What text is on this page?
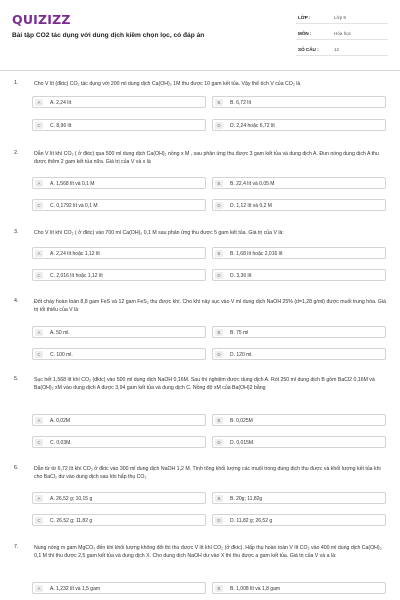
QUIZIZZ
Bài tập CO2 tác dụng với dung dịch kiềm chọn lọc, có đáp án
LỚP :	Lớp 9
MÔN :	Hóa học
SỐ CÂU :	12
1.	Cho V lít (đktc) CO₂ tác dụng với 200 ml dung dịch Ca(OH)₂ 1M thu được 10 gam kết tủa. Vậy thể tích V của CO₂ là
A	A. 2,24 lít	B	B. 6,72 lít
C	C. 8,96 lít	D	D. 2,24 hoặc 6,72 lít
2.	Dẫn V lít khí CO₂ ( ở đktc) qua 500 ml dung dịch Ca(OH)₂ nồng x M , sau phản ứng thu được 3 gam kết tủa và dung dịch A. Đun nóng dung dịch A thu được thêm 2 gam kết tủa nữa. Giá trị của V và x là
A	A. 1,568 lít và 0,1 M	B	B. 22,4 lít và 0,05 M
C	C. 0,1792 lít và 0,1 M	D	D. 1,12 lít và 0,2 M
3.	Cho V lít khí CO₂ ( ở đktc) vào 700 ml Ca(OH)₂ 0,1 M sau phản ứng thu được 5 gam kết tủa. Giá trị của V là:
A	A. 2,24 lít hoặc 1,12 lít	B	B. 1,68 lít hoặc 2,016 lít
C	C. 2,016 lít hoặc 1,12 lít	D	D. 3,36 lít
4.	Đốt cháy hoàn toàn 8,8 gam FeS và 12 gam FeS₂ thu được khí. Cho khí này sục vào V ml dung dịch NaOH 25% (d=1,28 g/ml) được muối trung hòa. Giá trị tối thiểu của V là
A	A. 50 ml.	B	B. 75 ml
C	C. 100 ml.	D	D. 120 ml.
5.	Sục hết 1,568 lít khí CO₂ (đktc) vào 500 ml dung dịch NaOH 0,16M. Sau thí nghiệm được dung dịch A. Rót 250 ml dung dịch B gồm BaCl2 0,16M và Ba(OH)₂ xM vào dung dịch A được 3,94 gam kết tủa và dung dịch C. Nồng độ xM của Ba(OH)2 bằng
A	A. 0,02M	B	B. 0,025M
C	C. 0,03M.	D	D. 0,015M.
6.	Dẫn từ từ 6,72 lít khí CO₂ ở đktc vào 300 ml dung dịch NaOH 1,2 M. Tính tổng khối lượng các muối trong dung dịch thu được và khối lượng kết tủa khi cho BaCl₂ dư vào dung dịch sau khi hấp thụ CO₂
A	A. 26,52 g; 10,15 g	B	B. 20g; 11,82g
C	C. 26,52 g; 11,82 g	D	D. 11,82 g; 26,52 g
7.	Nung nóng m gam MgCO₃ đến khi khối lượng không đổi thì thu được V lít khí CO₂ (ở đktc). Hấp thụ hoàn toàn V lít CO₂ vào 400 ml dung dịch Ca(OH)₂ 0,1 M thì thu được 2,5 gam kết tủa và dung dịch X. Cho dung dịch NaOH dư vào X thì thu được a gam kết tủa. Giá trị của V và a là:
A	A. 1,232 lít và 1,5 gam	B	B. 1,008 lít và 1,8 gam
